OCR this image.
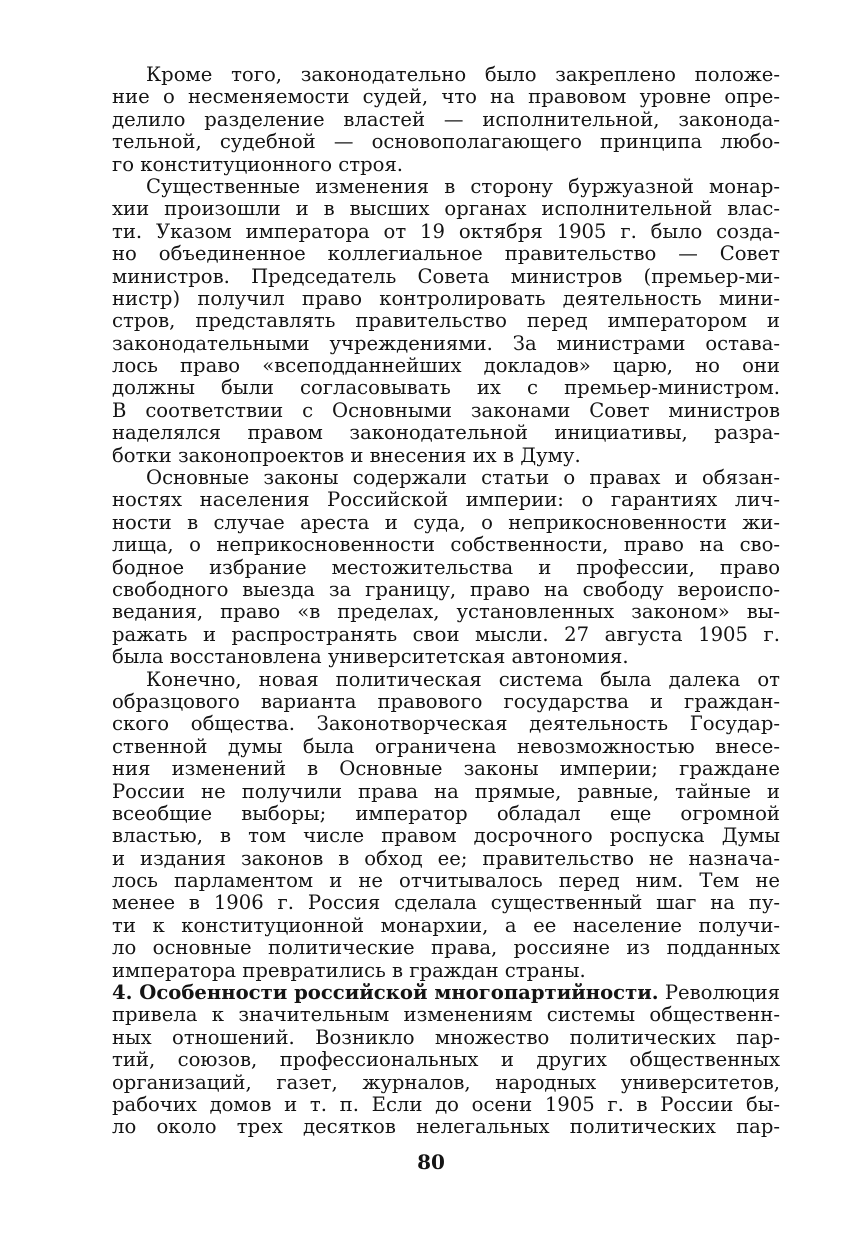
Кроме того, законодательно было закреплено положе-
ние о несменяемости судей, что на правовом уровне опре-
делило разделение властей — исполнительной, законода-
тельной, судебной — основополагающего принципа любо-
го конституционного строя.
Существенные изменения в сторону буржуазной монар-
хии произошли и в высших органах исполнительной влас-
ти. Указом императора от 19 октября 1905 г. было созда-
но объединенное коллегиальное правительство — Совет
министров. Председатель Совета министров (премьер-ми-
нистр) получил право контролировать деятельность мини-
стров, представлять правительство перед императором и
законодательными учреждениями. За министрами остава-
лось право «всеподданнейших докладов» царю, но они
должны были согласовывать их с премьер-министром.
В соответствии с Основными законами Совет министров
наделялся правом законодательной инициативы, разра-
ботки законопроектов и внесения их в Думу.
Основные законы содержали статьи о правах и обязан-
ностях населения Российской империи: о гарантиях лич-
ности в случае ареста и суда, о неприкосновенности жи-
лища, о неприкосновенности собственности, право на сво-
бодное избрание местожительства и профессии, право
свободного выезда за границу, право на свободу вероиспо-
ведания, право «в пределах, установленных законом» вы-
ражать и распространять свои мысли. 27 августа 1905 г.
была восстановлена университетская автономия.
Конечно, новая политическая система была далека от
образцового варианта правового государства и граждан-
ского общества. Законотворческая деятельность Государ-
ственной думы была ограничена невозможностью внесе-
ния изменений в Основные законы империи; граждане
России не получили права на прямые, равные, тайные и
всеобщие выборы; император обладал еще огромной
властью, в том числе правом досрочного роспуска Думы
и издания законов в обход ее; правительство не назнача-
лось парламентом и не отчитывалось перед ним. Тем не
менее в 1906 г. Россия сделала существенный шаг на пу-
ти к конституционной монархии, а ее население получи-
ло основные политические права, россияне из подданных
императора превратились в граждан страны.
4. Особенности российской многопартийности. Революция
привела к значительным изменениям системы общественн-
ных отношений. Возникло множество политических пар-
тий, союзов, профессиональных и других общественных
организаций, газет, журналов, народных университетов,
рабочих домов и т. п. Если до осени 1905 г. в России бы-
ло около трех десятков нелегальных политических пар-
80
